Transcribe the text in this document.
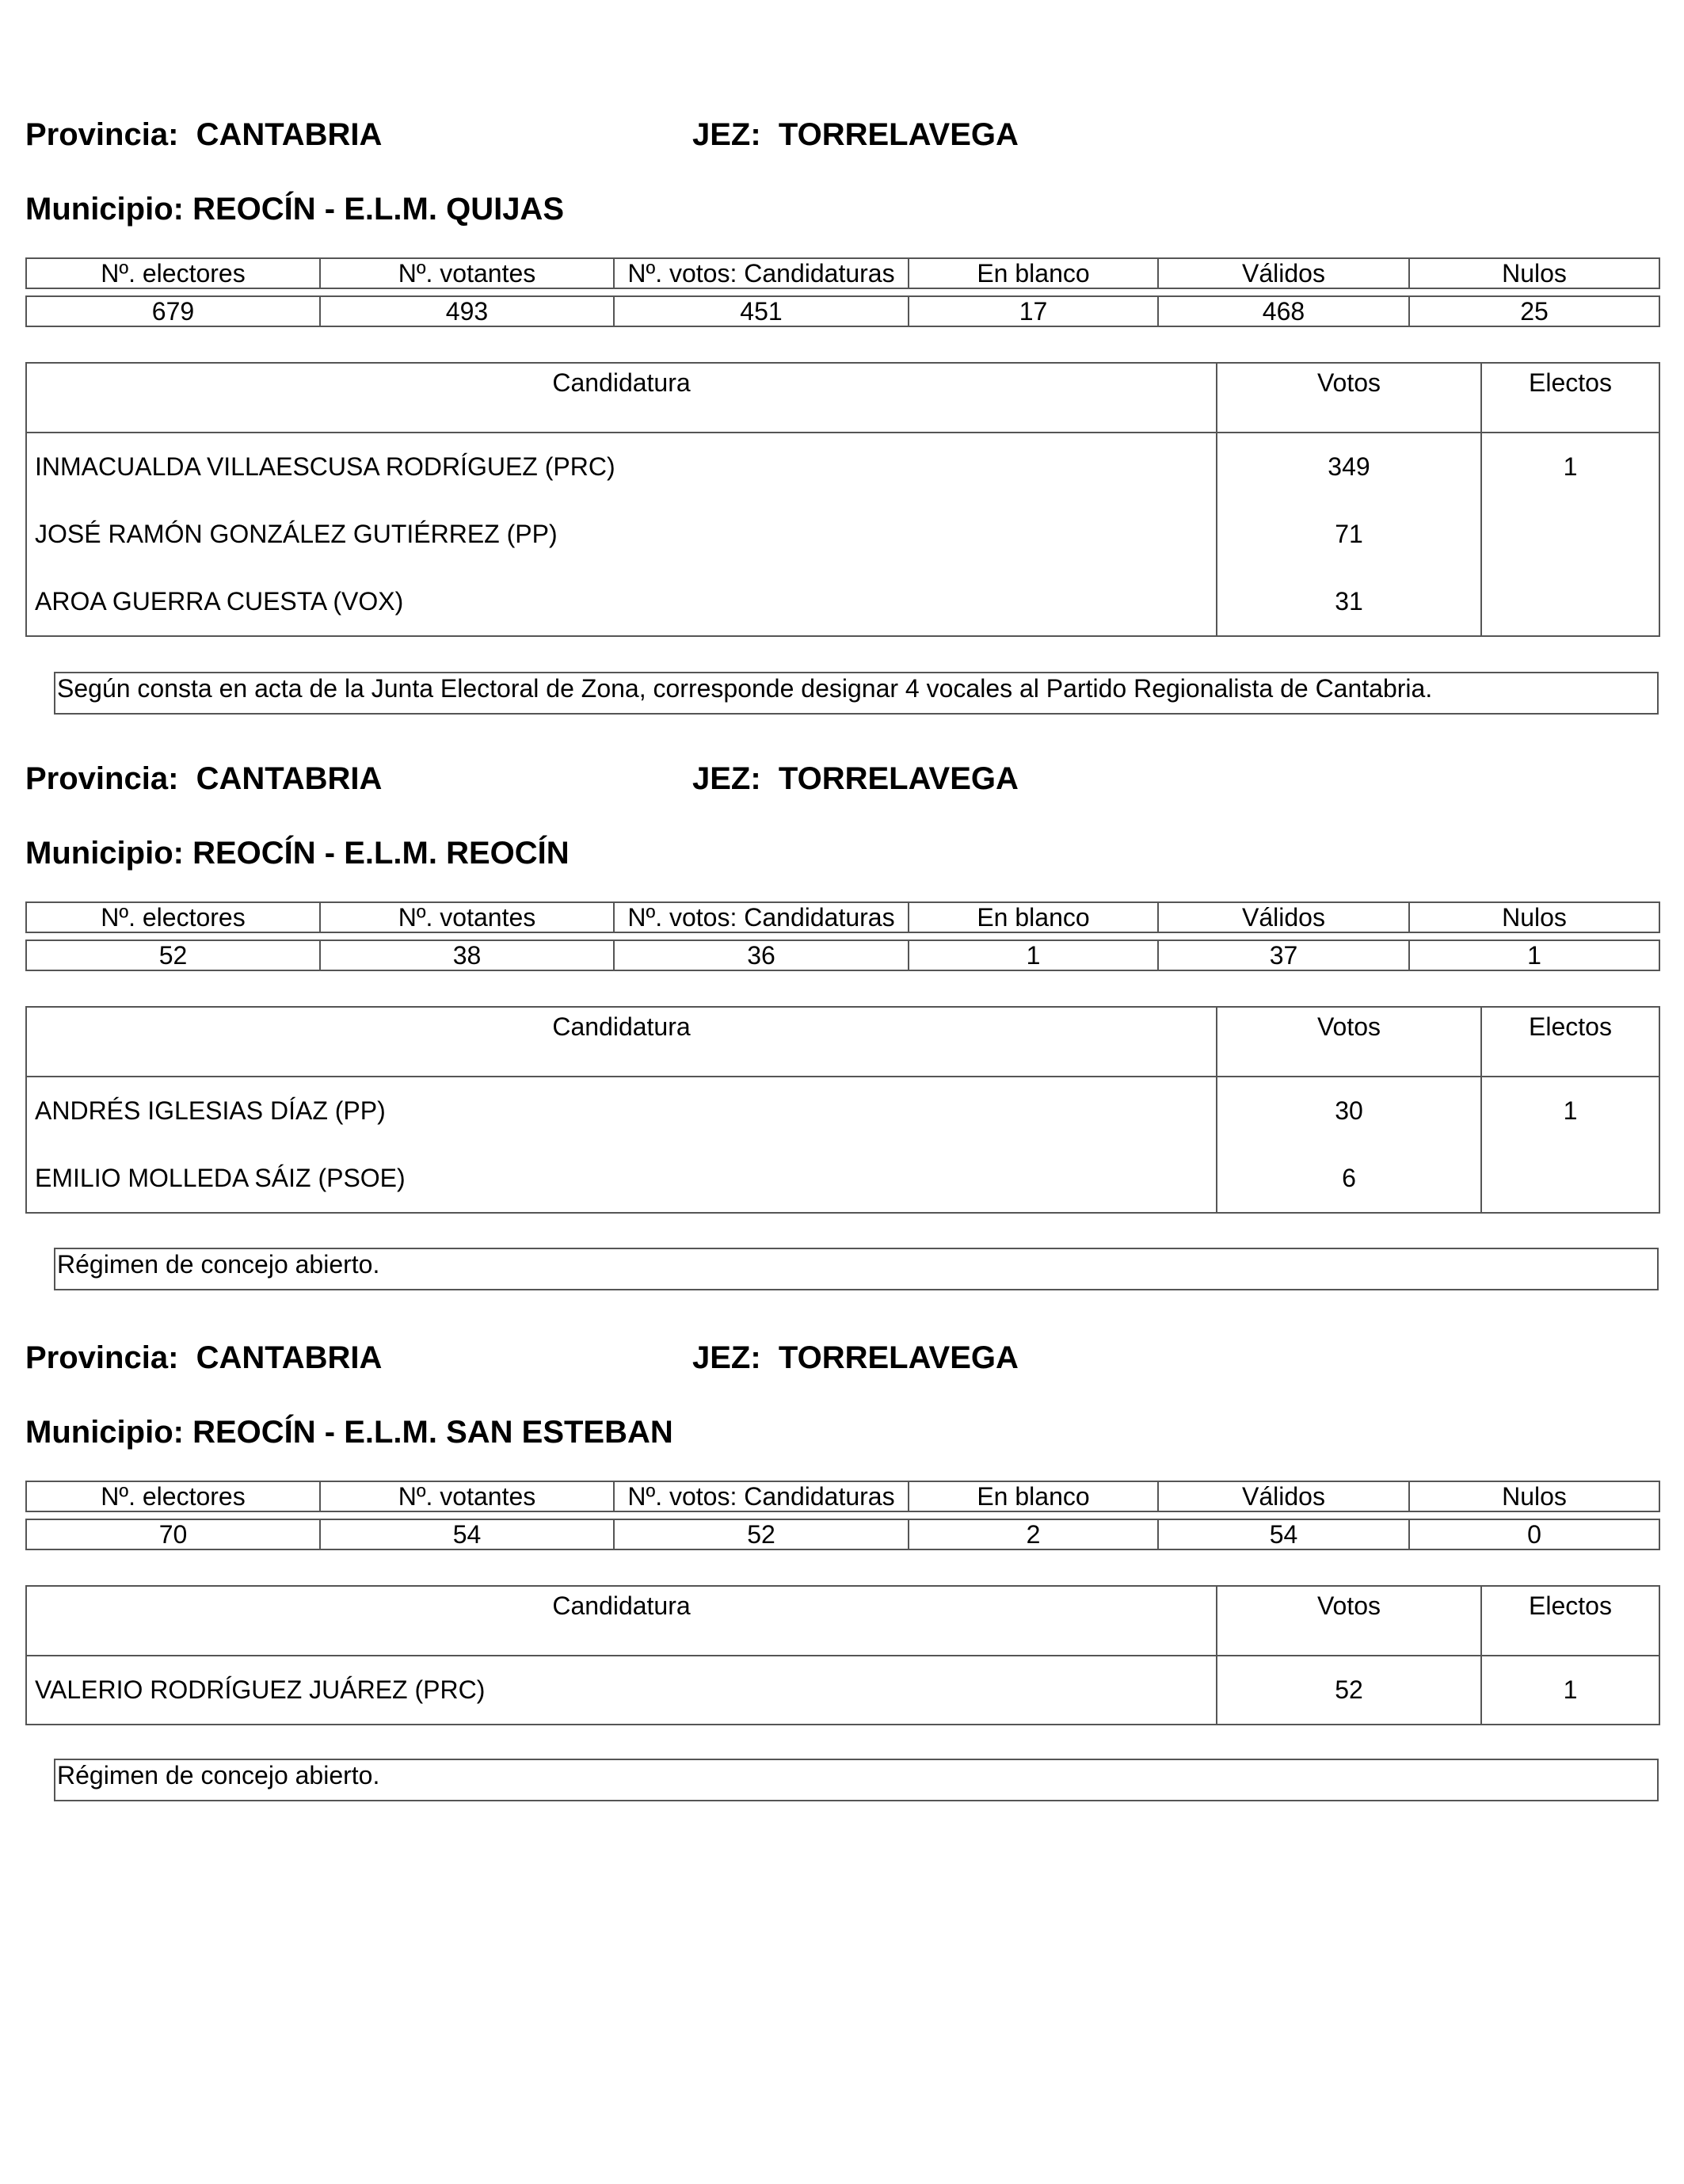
Provincia:  CANTABRIA	JEZ:  TORRELAVEGA
Municipio: REOCÍN - E.L.M. QUIJAS
Nº. electores	Nº. votantes	Nº. votos: Candidaturas	En blanco	Válidos	Nulos

679	493	451	17	468	25
Candidatura	Votos	Electos
INMACUALDA VILLAESCUSA RODRÍGUEZ (PRC)	349	1
JOSÉ RAMÓN GONZÁLEZ GUTIÉRREZ (PP)	71	
AROA GUERRA CUESTA (VOX)	31	
Según consta en acta de la Junta Electoral de Zona, corresponde designar 4 vocales al Partido Regionalista de Cantabria.
Provincia:  CANTABRIA	JEZ:  TORRELAVEGA
Municipio: REOCÍN - E.L.M. REOCÍN
Nº. electores	Nº. votantes	Nº. votos: Candidaturas	En blanco	Válidos	Nulos

52	38	36	1	37	1
Candidatura	Votos	Electos
ANDRÉS IGLESIAS DÍAZ (PP)	30	1
EMILIO MOLLEDA SÁIZ (PSOE)	6	
Régimen de concejo abierto.
Provincia:  CANTABRIA	JEZ:  TORRELAVEGA
Municipio: REOCÍN - E.L.M. SAN ESTEBAN
Nº. electores	Nº. votantes	Nº. votos: Candidaturas	En blanco	Válidos	Nulos

70	54	52	2	54	0
Candidatura	Votos	Electos
VALERIO RODRÍGUEZ JUÁREZ (PRC)	52	1
Régimen de concejo abierto.
